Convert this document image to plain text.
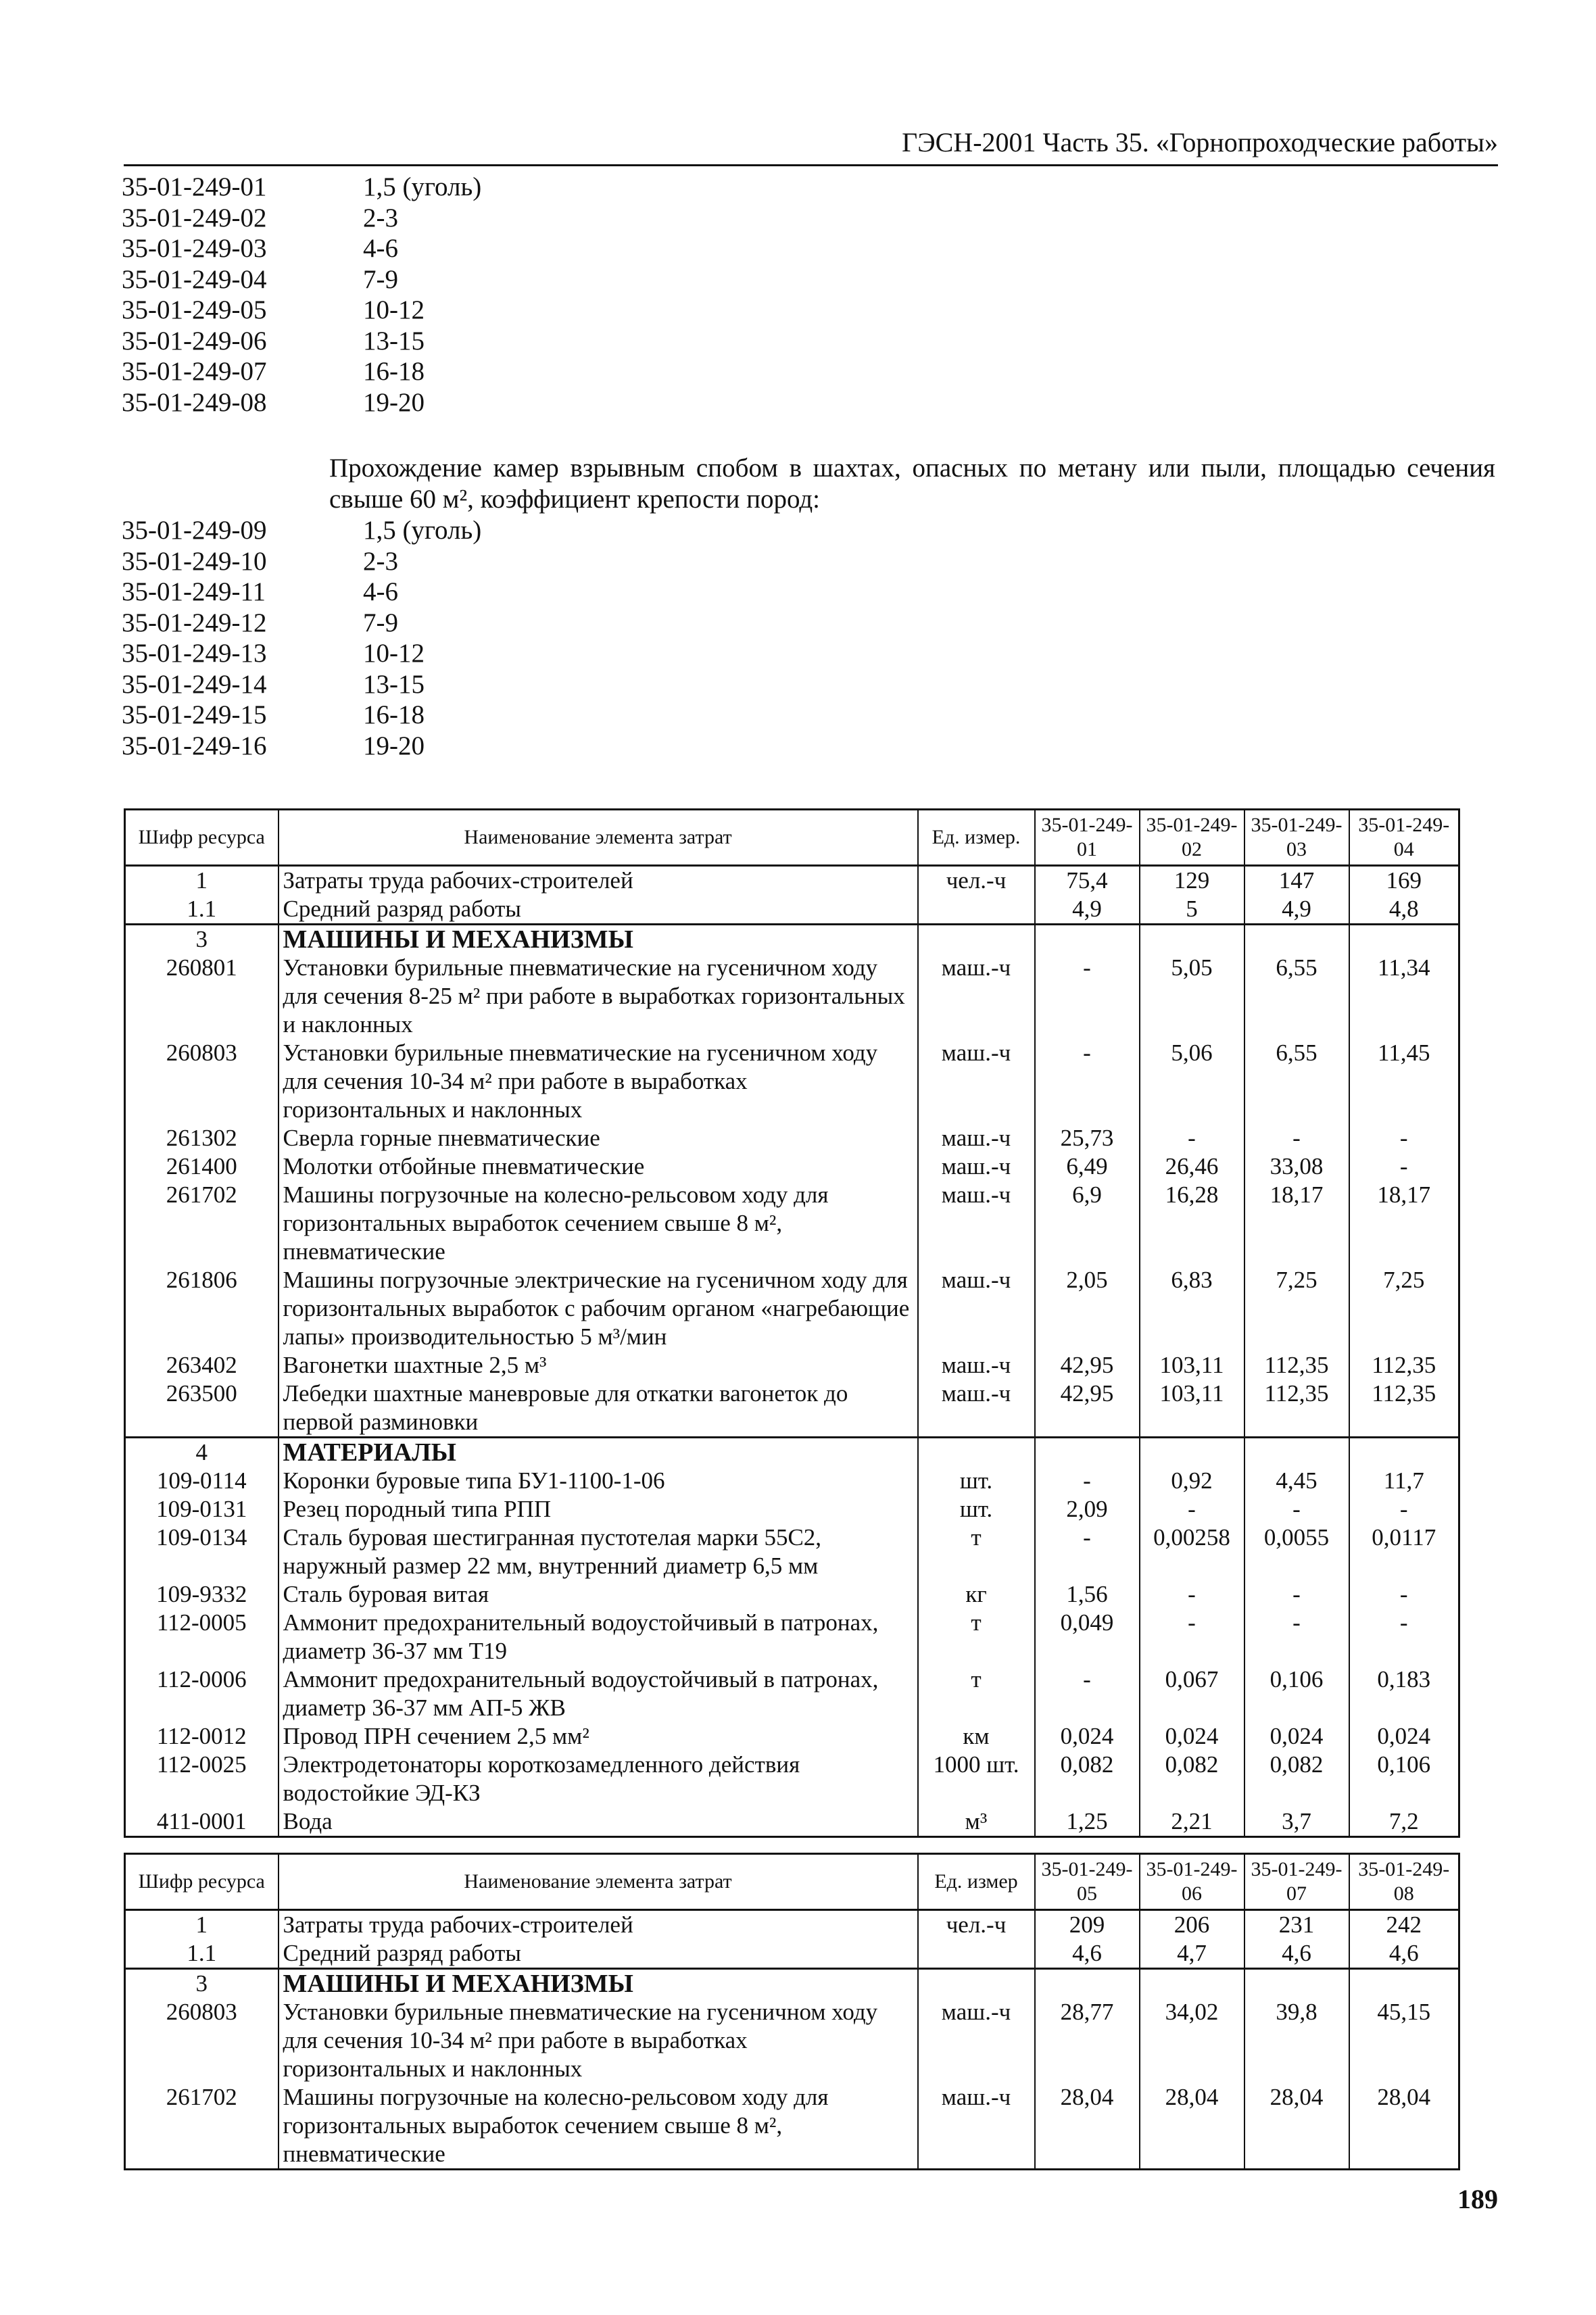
ГЭСН-2001 Часть 35. «Горнопроходческие работы»
35-01-249-01	1,5 (уголь)
35-01-249-02	2-3
35-01-249-03	4-6
35-01-249-04	7-9
35-01-249-05	10-12
35-01-249-06	13-15
35-01-249-07	16-18
35-01-249-08	19-20
Прохождение камер взрывным спобом в шахтах, опасных по метану или пыли, площадью сечения свыше 60 м², коэффициент крепости пород:
35-01-249-09	1,5 (уголь)
35-01-249-10	2-3
35-01-249-11	4-6
35-01-249-12	7-9
35-01-249-13	10-12
35-01-249-14	13-15
35-01-249-15	16-18
35-01-249-16	19-20
Шифр ресурса	Наименование элемента затрат	Ед. измер.	35-01-249-01	35-01-249-02	35-01-249-03	35-01-249-04
1	Затраты труда рабочих-строителей	чел.-ч	75,4	129	147	169
1.1	Средний разряд работы		4,9	5	4,9	4,8
3	МАШИНЫ И МЕХАНИЗМЫ					
260801	Установки бурильные пневматические на гусеничном ходу для сечения 8-25 м² при работе в выработках горизонтальных и наклонных	маш.-ч	-	5,05	6,55	11,34
260803	Установки бурильные пневматические на гусеничном ходу для сечения 10-34 м² при работе в выработках горизонтальных и наклонных	маш.-ч	-	5,06	6,55	11,45
261302	Сверла горные пневматические	маш.-ч	25,73	-	-	-
261400	Молотки отбойные пневматические	маш.-ч	6,49	26,46	33,08	-
261702	Машины погрузочные на колесно-рельсовом ходу для горизонтальных выработок сечением свыше 8 м², пневматические	маш.-ч	6,9	16,28	18,17	18,17
261806	Машины погрузочные электрические на гусеничном ходу для горизонтальных выработок с рабочим органом «нагребающие лапы» производительностью 5 м³/мин	маш.-ч	2,05	6,83	7,25	7,25
263402	Вагонетки шахтные 2,5 м³	маш.-ч	42,95	103,11	112,35	112,35
263500	Лебедки шахтные маневровые для откатки вагонеток до первой разминовки	маш.-ч	42,95	103,11	112,35	112,35
4	МАТЕРИАЛЫ					
109-0114	Коронки буровые типа БУ1-1100-1-06	шт.	-	0,92	4,45	11,7
109-0131	Резец породный типа РПП	шт.	2,09	-	-	-
109-0134	Сталь буровая шестигранная пустотелая марки 55С2, наружный размер 22 мм, внутренний диаметр 6,5 мм	т	-	0,00258	0,0055	0,0117
109-9332	Сталь буровая витая	кг	1,56	-	-	-
112-0005	Аммонит предохранительный водоустойчивый в патронах, диаметр 36-37 мм Т19	т	0,049	-	-	-
112-0006	Аммонит предохранительный водоустойчивый в патронах, диаметр 36-37 мм АП-5 ЖВ	т	-	0,067	0,106	0,183
112-0012	Провод ПРН сечением 2,5 мм²	км	0,024	0,024	0,024	0,024
112-0025	Электродетонаторы короткозамедленного действия водостойкие ЭД-КЗ	1000 шт.	0,082	0,082	0,082	0,106
411-0001	Вода	м³	1,25	2,21	3,7	7,2
Шифр ресурса	Наименование элемента затрат	Ед. измер	35-01-249-05	35-01-249-06	35-01-249-07	35-01-249-08
1	Затраты труда рабочих-строителей	чел.-ч	209	206	231	242
1.1	Средний разряд работы		4,6	4,7	4,6	4,6
3	МАШИНЫ И МЕХАНИЗМЫ					
260803	Установки бурильные пневматические на гусеничном ходу для сечения 10-34 м² при работе в выработках горизонтальных и наклонных	маш.-ч	28,77	34,02	39,8	45,15
261702	Машины погрузочные на колесно-рельсовом ходу для горизонтальных выработок сечением свыше 8 м², пневматические	маш.-ч	28,04	28,04	28,04	28,04
189
